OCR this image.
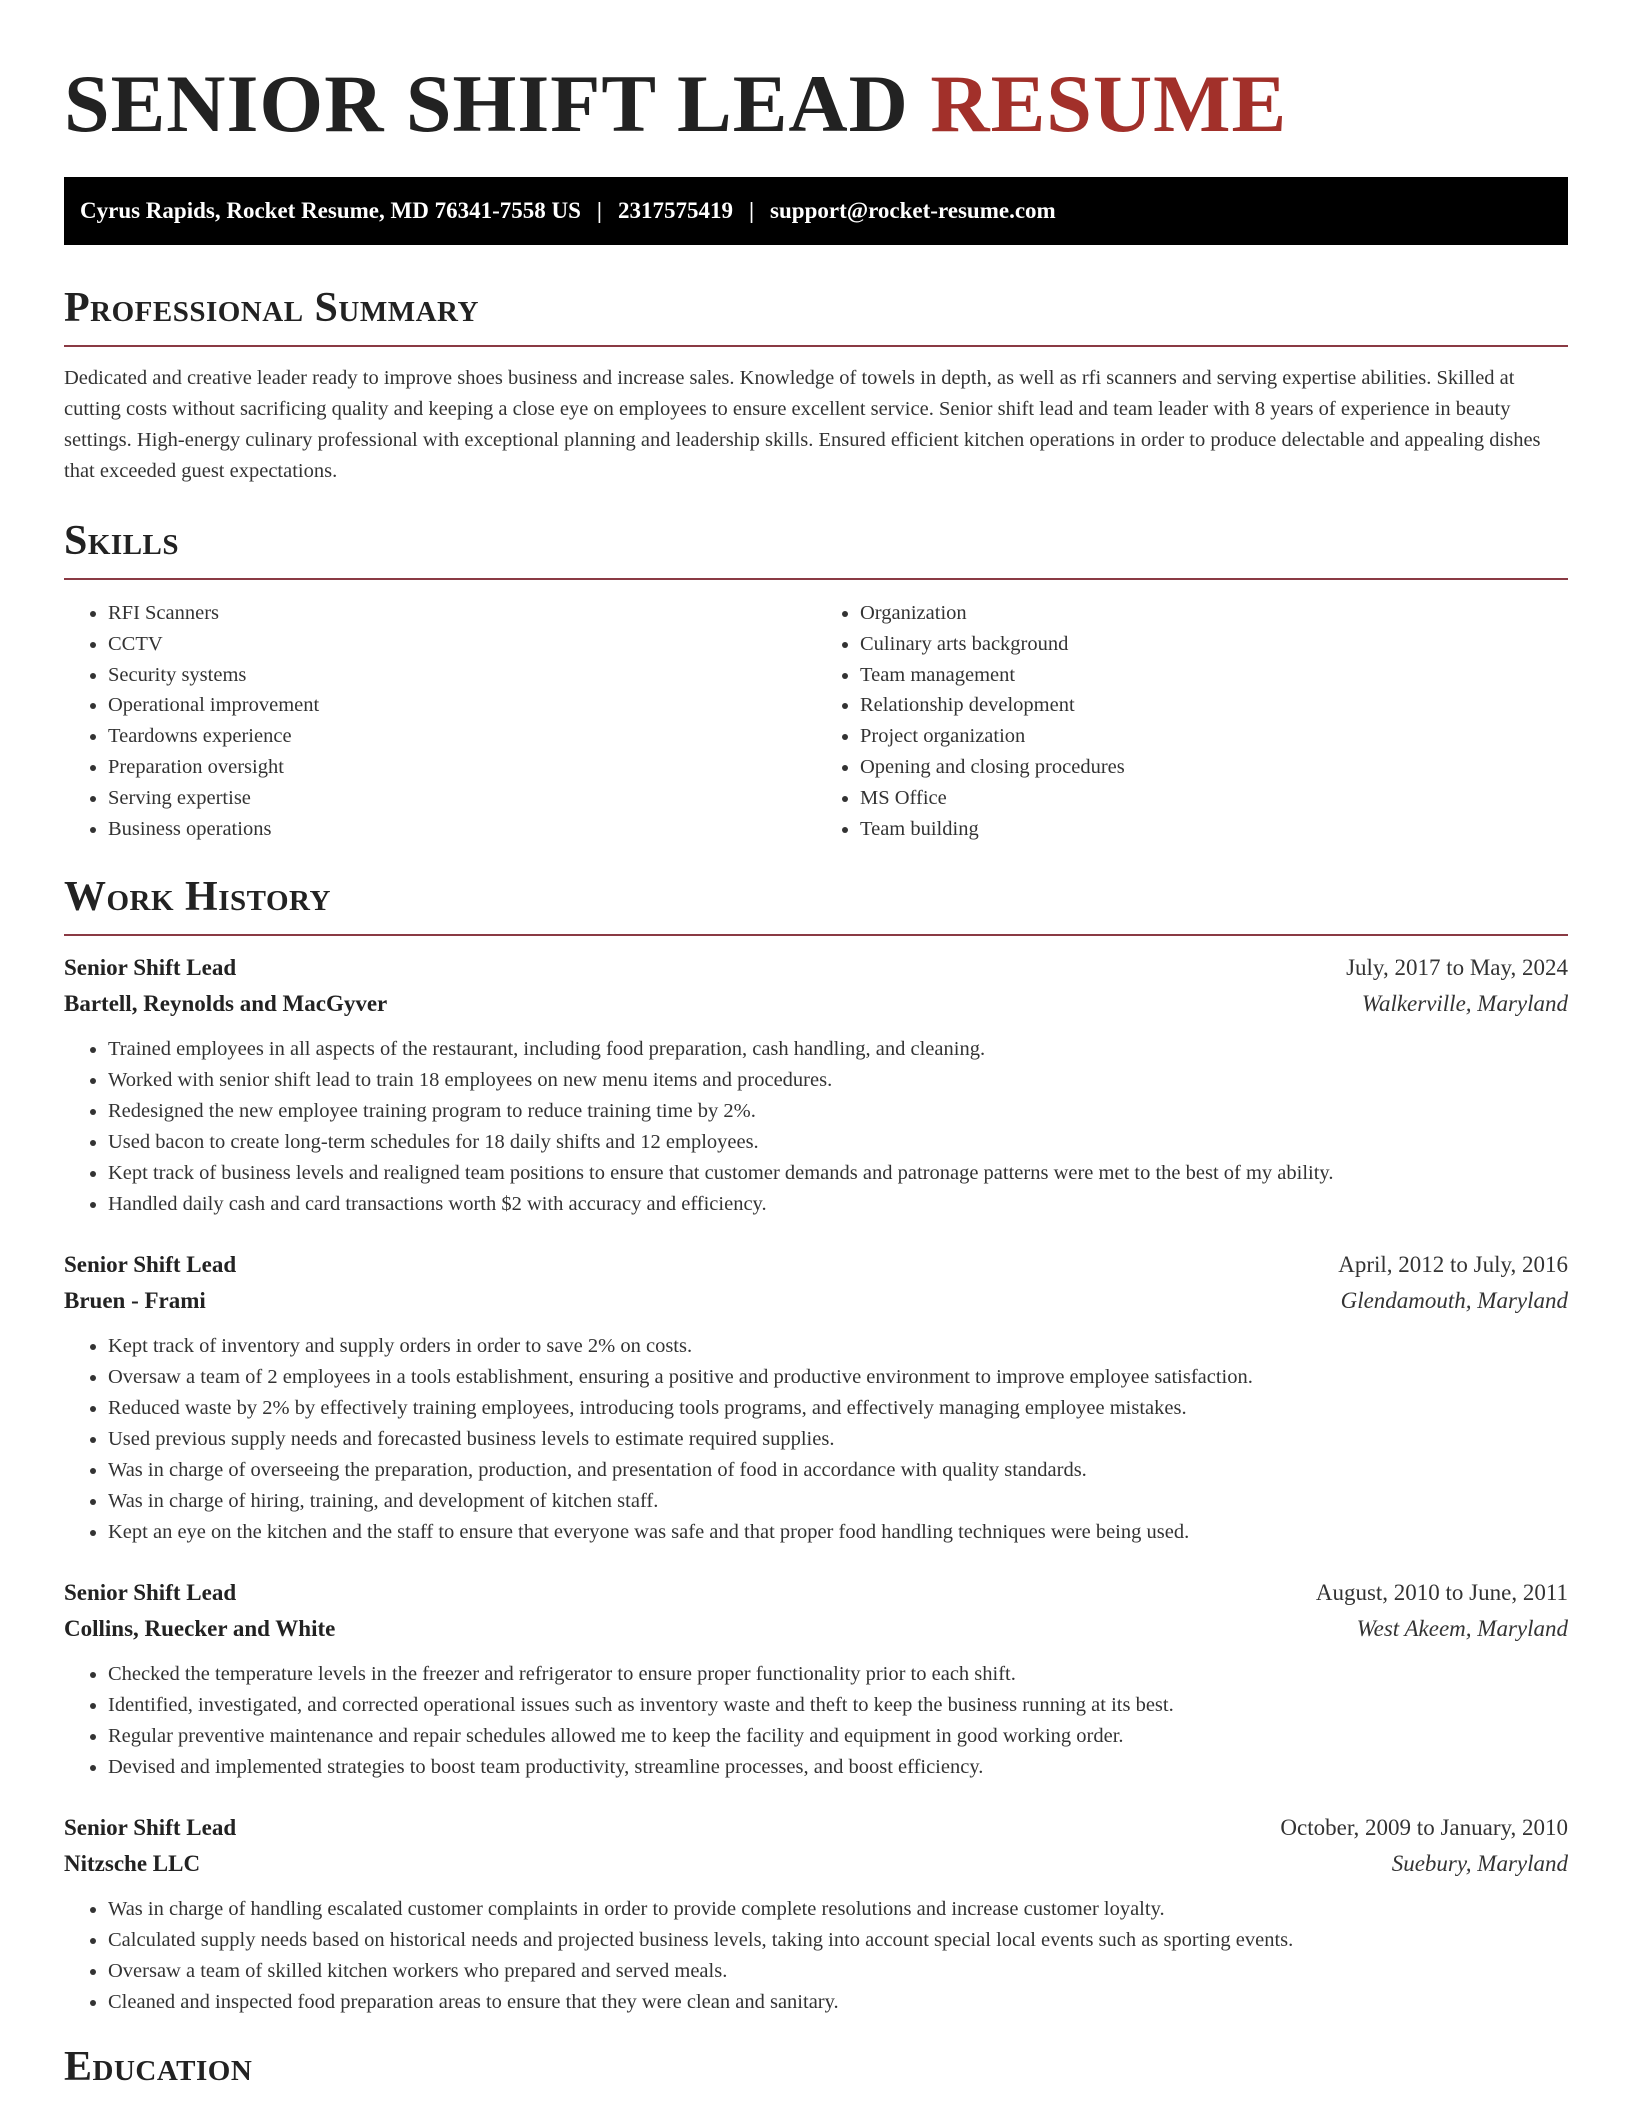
SENIOR SHIFT LEAD RESUME
Cyrus Rapids, Rocket Resume, MD 76341-7558 US | 2317575419 | support@rocket-resume.com
Professional Summary

Dedicated and creative leader ready to improve shoes business and increase sales. Knowledge of towels in depth, as well as rfi scanners and serving expertise abilities. Skilled at cutting costs without sacrificing quality and keeping a close eye on employees to ensure excellent service. Senior shift lead and team leader with 8 years of experience in beauty settings. High-energy culinary professional with exceptional planning and leadership skills. Ensured efficient kitchen operations in order to produce delectable and appealing dishes that exceeded guest expectations.

Skills
• RFI Scanners
• CCTV
• Security systems
• Operational improvement
• Teardowns experience
• Preparation oversight
• Serving expertise
• Business operations
• Organization
• Culinary arts background
• Team management
• Relationship development
• Project organization
• Opening and closing procedures
• MS Office
• Team building
Work History
Senior Shift Lead	July, 2017 to May, 2024
Bartell, Reynolds and MacGyver	Walkerville, Maryland
• Trained employees in all aspects of the restaurant, including food preparation, cash handling, and cleaning.
• Worked with senior shift lead to train 18 employees on new menu items and procedures.
• Redesigned the new employee training program to reduce training time by 2%.
• Used bacon to create long-term schedules for 18 daily shifts and 12 employees.
• Kept track of business levels and realigned team positions to ensure that customer demands and patronage patterns were met to the best of my ability.
• Handled daily cash and card transactions worth $2 with accuracy and efficiency.
Senior Shift Lead	April, 2012 to July, 2016
Bruen - Frami	Glendamouth, Maryland
• Kept track of inventory and supply orders in order to save 2% on costs.
• Oversaw a team of 2 employees in a tools establishment, ensuring a positive and productive environment to improve employee satisfaction.
• Reduced waste by 2% by effectively training employees, introducing tools programs, and effectively managing employee mistakes.
• Used previous supply needs and forecasted business levels to estimate required supplies.
• Was in charge of overseeing the preparation, production, and presentation of food in accordance with quality standards.
• Was in charge of hiring, training, and development of kitchen staff.
• Kept an eye on the kitchen and the staff to ensure that everyone was safe and that proper food handling techniques were being used.
Senior Shift Lead	August, 2010 to June, 2011
Collins, Ruecker and White	West Akeem, Maryland
• Checked the temperature levels in the freezer and refrigerator to ensure proper functionality prior to each shift.
• Identified, investigated, and corrected operational issues such as inventory waste and theft to keep the business running at its best.
• Regular preventive maintenance and repair schedules allowed me to keep the facility and equipment in good working order.
• Devised and implemented strategies to boost team productivity, streamline processes, and boost efficiency.
Senior Shift Lead	October, 2009 to January, 2010
Nitzsche LLC	Suebury, Maryland
• Was in charge of handling escalated customer complaints in order to provide complete resolutions and increase customer loyalty.
• Calculated supply needs based on historical needs and projected business levels, taking into account special local events such as sporting events.
• Oversaw a team of skilled kitchen workers who prepared and served meals.
• Cleaned and inspected food preparation areas to ensure that they were clean and sanitary.
Education
